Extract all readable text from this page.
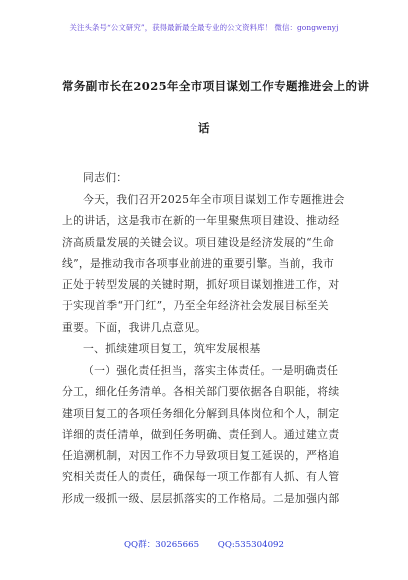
关注头条号“公文研究”，获得最新最全最专业的公文资料库！ 微信：gongwenyj
常务副市长在2025年全市项目谋划工作专题推进会上的讲
话
同志们：
今天，我们召开2025年全市项目谋划工作专题推进会
上的讲话，这是我市在新的一年里聚焦项目建设、推动经
济高质量发展的关键会议。项目建设是经济发展的“生命
线”，是推动我市各项事业前进的重要引擎。当前，我市
正处于转型发展的关键时期，抓好项目谋划推进工作，对
于实现首季“开门红”，乃至全年经济社会发展目标至关
重要。下面，我讲几点意见。
一、抓续建项目复工，筑牢发展根基
（一）强化责任担当，落实主体责任。一是明确责任
分工，细化任务清单。各相关部门要依据各自职能，将续
建项目复工的各项任务细化分解到具体岗位和个人，制定
详细的责任清单，做到任务明确、责任到人。通过建立责
任追溯机制，对因工作不力导致项目复工延误的，严格追
究相关责任人的责任，确保每一项工作都有人抓、有人管
形成一级抓一级、层层抓落实的工作格局。二是加强内部
QQ群：30265665 QQ:535304092
